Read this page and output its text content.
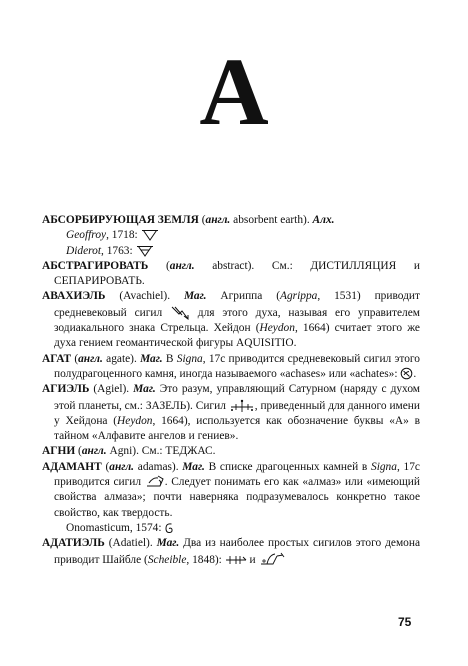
А

АБСОРБИРУЮЩАЯ ЗЕМЛЯ (англ. absorbent earth). Алх.

Geoffroy, 1718:

Diderot, 1763:

АБСТРАГИРОВАТЬ (англ. abstract). См.: ДИСТИЛЛЯЦИЯ и СЕПАРИРОВАТЬ.

АВАХИЭЛЬ (Avachiel). Маг. Агриппа (Agrippa, 1531) приводит средневековый сигил  для этого духа, называя его управителем зодиакального знака Стрельца. Хейдон (Heydon, 1664) считает этого же духа гением геомантической фигуры AQUISITIO.

АГАТ (англ. agate). Маг. В Signa, 17с приводится средневековый сигил этого полудрагоценного камня, иногда называемого «achases» или «achates»: .

АГИЭЛЬ (Agiel). Маг. Это разум, управляющий Сатурном (наряду с духом этой планеты, см.: ЗАЗЕЛЬ). Сигил , приведенный для данного имени у Хейдона (Heydon, 1664), используется как обозначение буквы «А» в тайном «Алфавите ангелов и гениев».

АГНИ (англ. Agni). См.: ТЕДЖАС.

АДАМАНТ (англ. adamas). Маг. В списке драгоценных камней в Signa, 17с приводится сигил . Следует понимать его как «алмаз» или «имеющий свойства алмаза»; почти наверняка подразумевалось конкретно такое свойство, как твердость.

Onomasticum, 1574:

АДАТИЭЛЬ (Adatiel). Маг. Два из наиболее простых сигилов этого демона приводит Шайбле (Scheible, 1848):  и

75
